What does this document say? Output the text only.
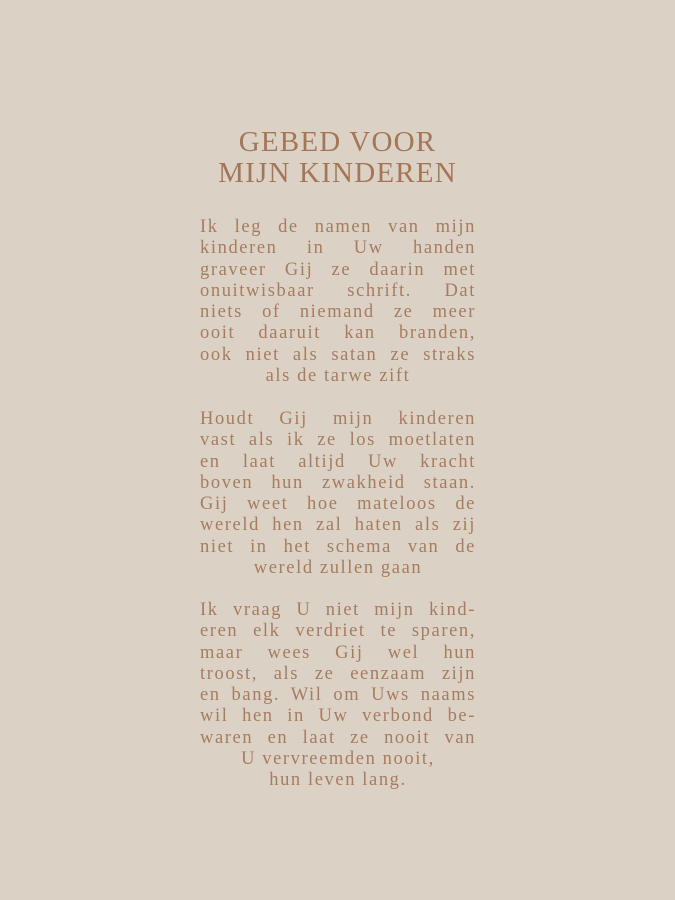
GEBED VOOR
MIJN KINDEREN
Ik leg de namen van mijn
kinderen in Uw handen
graveer Gij ze daarin met
onuitwisbaar schrift. Dat
niets of niemand ze meer
ooit daaruit kan branden,
ook niet als satan ze straks
als de tarwe zift
Houdt Gij mijn kinderen
vast als ik ze los moetlaten
en laat altijd Uw kracht
boven hun zwakheid staan.
Gij weet hoe mateloos de
wereld hen zal haten als zij
niet in het schema van de
wereld zullen gaan
Ik vraag U niet mijn kind-
eren elk verdriet te sparen,
maar wees Gij wel hun
troost, als ze eenzaam zijn
en bang. Wil om Uws naams
wil hen in Uw verbond be-
waren en laat ze nooit van
U vervreemden nooit,
hun leven lang.
